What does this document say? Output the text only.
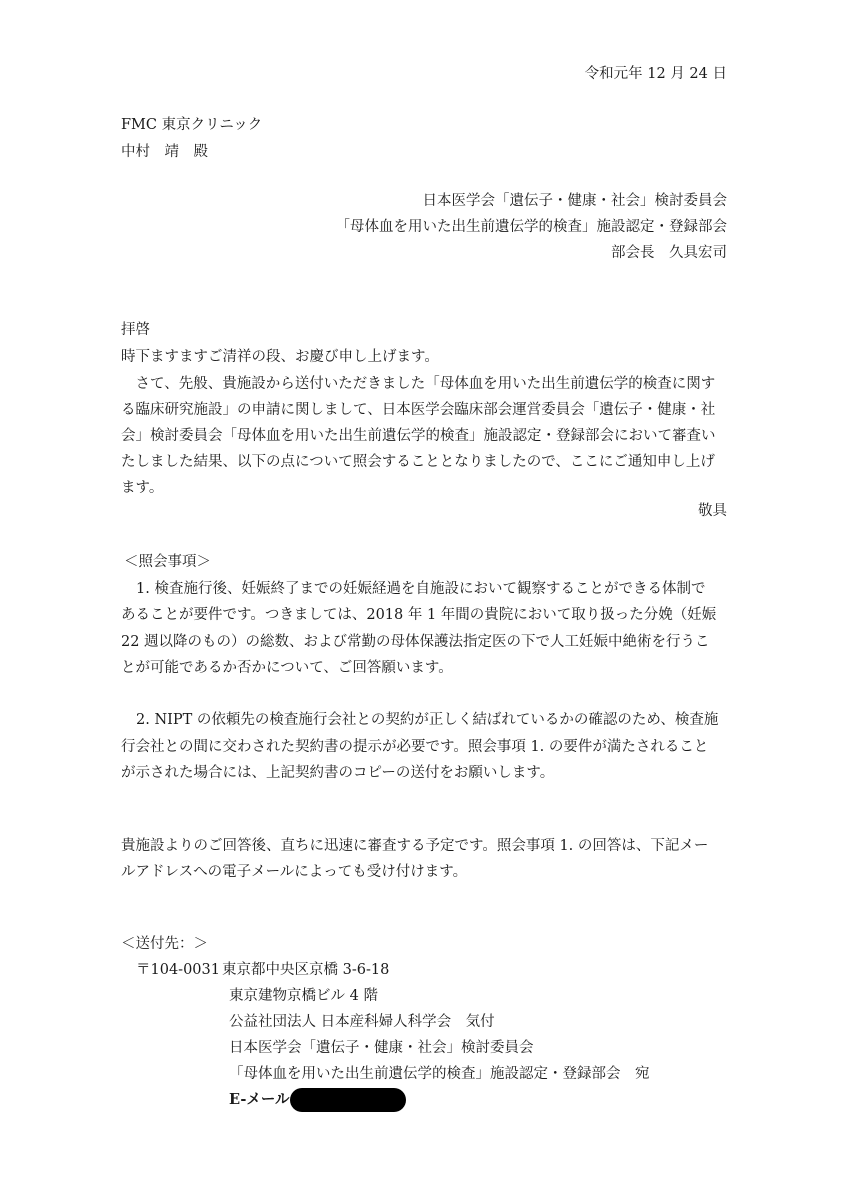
令和元年 12 月 24 日
FMC 東京クリニック
中村　靖　殿
日本医学会「遺伝子・健康・社会」検討委員会
「母体血を用いた出生前遺伝学的検査」施設認定・登録部会
部会長　久具宏司
拝啓
時下ますますご清祥の段、お慶び申し上げます。
　さて、先般、貴施設から送付いただきました「母体血を用いた出生前遺伝学的検査に関す
る臨床研究施設」の申請に関しまして、日本医学会臨床部会運営委員会「遺伝子・健康・社
会」検討委員会「母体血を用いた出生前遺伝学的検査」施設認定・登録部会において審査い
たしました結果、以下の点について照会することとなりましたので、ここにご通知申し上げ
ます。
敬具
＜照会事項＞
1. 検査施行後、妊娠終了までの妊娠経過を自施設において観察することができる体制で
あることが要件です。つきましては、2018 年 1 年間の貴院において取り扱った分娩（妊娠
22 週以降のもの）の総数、および常勤の母体保護法指定医の下で人工妊娠中絶術を行うこ
とが可能であるか否かについて、ご回答願います。
2. NIPT の依頼先の検査施行会社との契約が正しく結ばれているかの確認のため、検査施
行会社との間に交わされた契約書の提示が必要です。照会事項 1. の要件が満たされること
が示された場合には、上記契約書のコピーの送付をお願いします。
貴施設よりのご回答後、直ちに迅速に審査する予定です。照会事項 1. の回答は、下記メー
ルアドレスへの電子メールによっても受け付けます。
＜送付先：＞
〒104-0031 東京都中央区京橋 3-6-18
東京建物京橋ビル 4 階
公益社団法人 日本産科婦人科学会　気付
日本医学会「遺伝子・健康・社会」検討委員会
「母体血を用いた出生前遺伝学的検査」施設認定・登録部会　宛
E-メール
